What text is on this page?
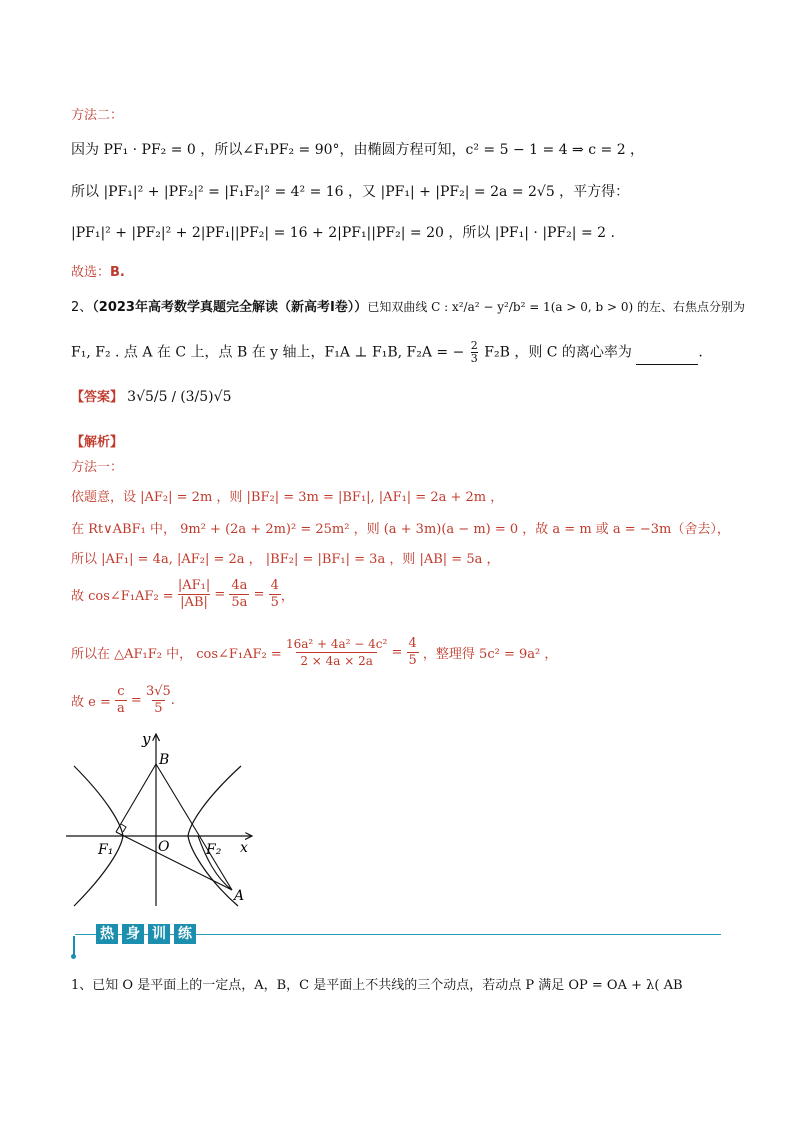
方法二：
因为 PF₁ · PF₂ = 0 ，所以∠F₁PF₂ = 90°，由椭圆方程可知，c² = 5 − 1 = 4 ⇒ c = 2 ，
所以 |PF₁|² + |PF₂|² = |F₁F₂|² = 4² = 16 ，又 |PF₁| + |PF₂| = 2a = 2√5 ，平方得：
|PF₁|² + |PF₂|² + 2|PF₁||PF₂| = 16 + 2|PF₁||PF₂| = 20 ，所以 |PF₁| · |PF₂| = 2 .
故选：B.
2、（2023年高考数学真题完全解读（新高考Ⅰ卷））已知双曲线 C : x²/a² − y²/b² = 1(a > 0, b > 0) 的左、右焦点分别为
F₁, F₂ . 点 A 在 C 上，点 B 在 y 轴上，F₁A ⊥ F₁B, F₂A = − 2
3 F₂B ，则 C 的离心率为	.
【答案】 3√5/5 / (3/5)√5
【解析】
方法一：
依题意，设 |AF₂| = 2m ，则 |BF₂| = 3m = |BF₁|, |AF₁| = 2a + 2m ，
在 Rt∨ABF₁ 中， 9m² + (2a + 2m)² = 25m² ，则 (a + 3m)(a − m) = 0 ，故 a = m 或 a = −3m（舍去），
所以 |AF₁| = 4a, |AF₂| = 2a ， |BF₂| = |BF₁| = 3a ，则 |AB| = 5a ，
故 cos∠F₁AF₂ = |AF₁|
|AB| = 4a
5a = 4
5 ，
所以在 △AF₁F₂ 中， cos∠F₁AF₂ = 16a² + 4a² − 4c²
2 × 4a × 2a = 4
5 ，整理得 5c² = 9a² ，
故 e = c
a = 3√5
5.
y
B
O	x
F₁	F₂
A
热 身 训 练
1、已知 O 是平面上的一定点，A，B，C 是平面上不共线的三个动点，若动点 P 满足 OP = OA + λ( AB
